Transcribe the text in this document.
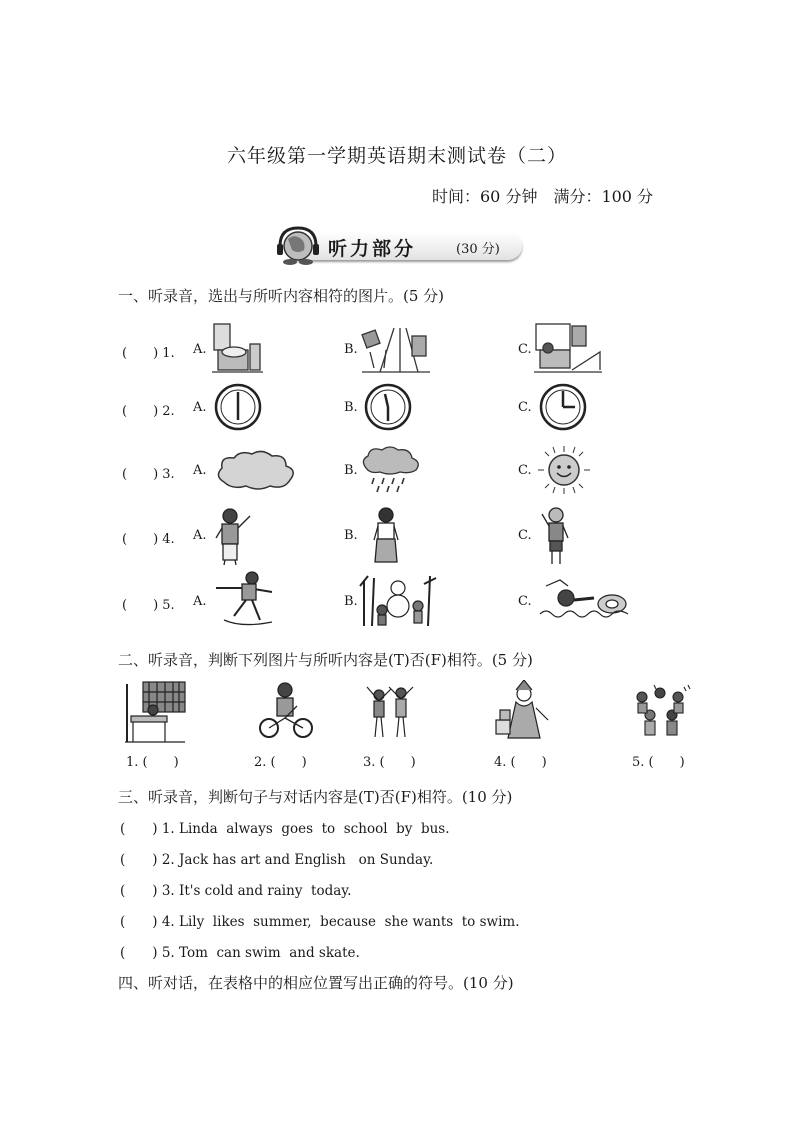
六年级第一学期英语期末测试卷（二）
时间：60 分钟　满分：100 分
听力部分	(30 分)
一、听录音，选出与所听内容相符的图片。(5 分)
(　　) 1. A.	B.	C.
(　　) 2. A.	B.	C.
(　　) 3. A.	B.	C.
(　　) 4. A.	B.	C.
(　　) 5. A.	B.	C.
二、听录音，判断下列图片与所听内容是(T)否(F)相符。(5 分)
1. (　　)	2. (　　)	3. (　　)	4. (　　)	5. (　　)
三、听录音，判断句子与对话内容是(T)否(F)相符。(10 分)
(　　) 1. Linda  always  goes  to  school  by  bus.
(　　) 2. Jack has art and English   on Sunday.
(　　) 3. It's cold and rainy  today.
(　　) 4. Lily  likes  summer,  because  she wants  to swim.
(　　) 5. Tom  can swim  and skate.
四、听对话，在表格中的相应位置写出正确的符号。(10 分)
